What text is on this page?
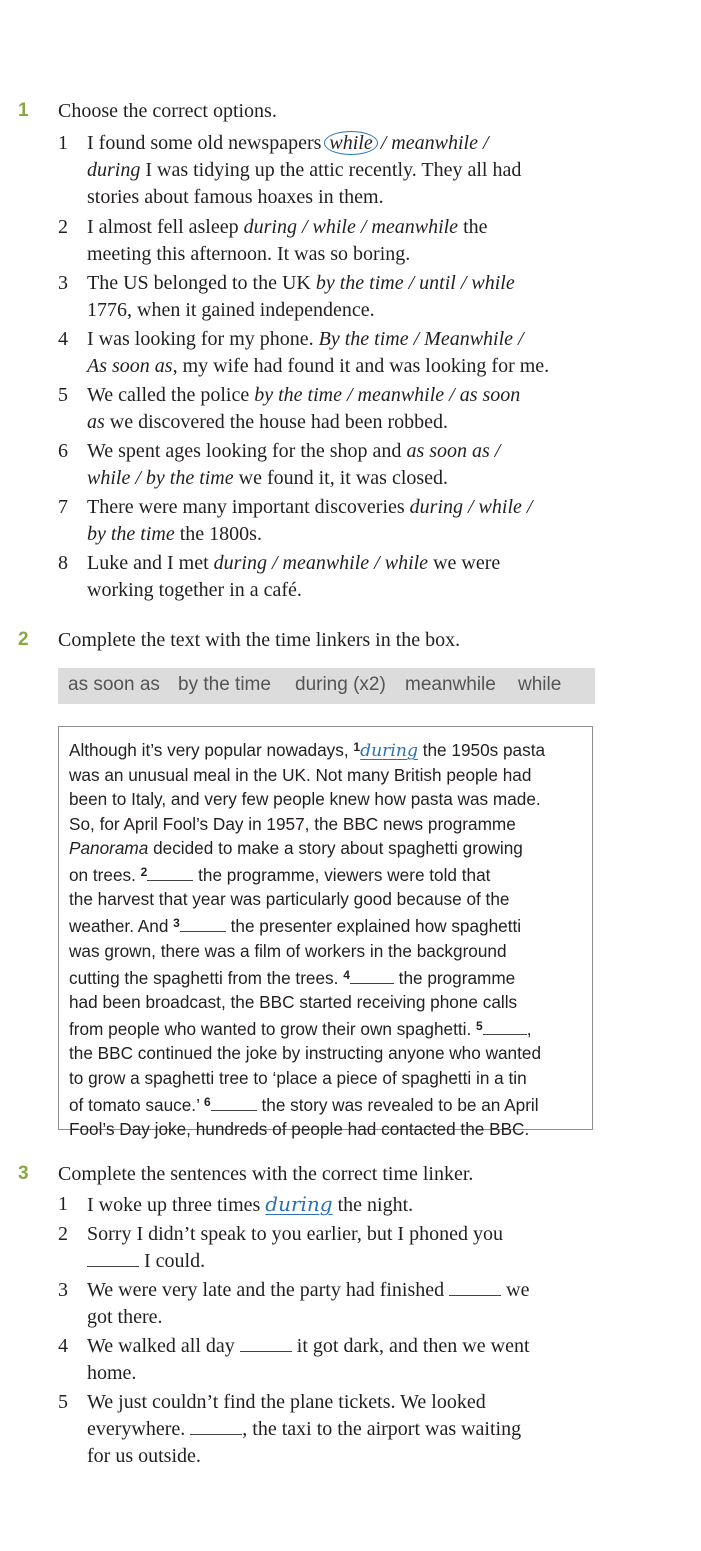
1 Choose the correct options.
1 I found some old newspapers while / meanwhile /
during I was tidying up the attic recently. They all had
stories about famous hoaxes in them.
2 I almost fell asleep during / while / meanwhile the
meeting this afternoon. It was so boring.
3 The US belonged to the UK by the time / until / while
1776, when it gained independence.
4 I was looking for my phone. By the time / Meanwhile /
As soon as, my wife had found it and was looking for me.
5 We called the police by the time / meanwhile / as soon
as we discovered the house had been robbed.
6 We spent ages looking for the shop and as soon as /
while / by the time we found it, it was closed.
7 There were many important discoveries during / while /
by the time the 1800s.
8 Luke and I met during / meanwhile / while we were
working together in a café.
2 Complete the text with the time linkers in the box.
as soon as by the time during (x2) meanwhile while
Although it’s very popular nowadays, $^1$during the 1950s pasta
was an unusual meal in the UK. Not many British people had
been to Italy, and very few people knew how pasta was made.
So, for April Fool’s Day in 1957, the BBC news programme
Panorama decided to make a story about spaghetti growing
on trees. $^2$	the programme, viewers were told that
the harvest that year was particularly good because of the
weather. And $^3$	the presenter explained how spaghetti
was grown, there was a film of workers in the background
cutting the spaghetti from the trees. $^4$	the programme
had been broadcast, the BBC started receiving phone calls
from people who wanted to grow their own spaghetti. $^5$	,
the BBC continued the joke by instructing anyone who wanted
to grow a spaghetti tree to ‘place a piece of spaghetti in a tin
of tomato sauce.’ $^6$	the story was revealed to be an April
Fool’s Day joke, hundreds of people had contacted the BBC.
3 Complete the sentences with the correct time linker.
1 I woke up three times during the night.
2 Sorry I didn’t speak to you earlier, but I phoned you
I could.
3 We were very late and the party had finished	we
got there.
4 We walked all day	it got dark, and then we went
home.
5 We just couldn’t find the plane tickets. We looked
everywhere.	, the taxi to the airport was waiting
for us outside.
